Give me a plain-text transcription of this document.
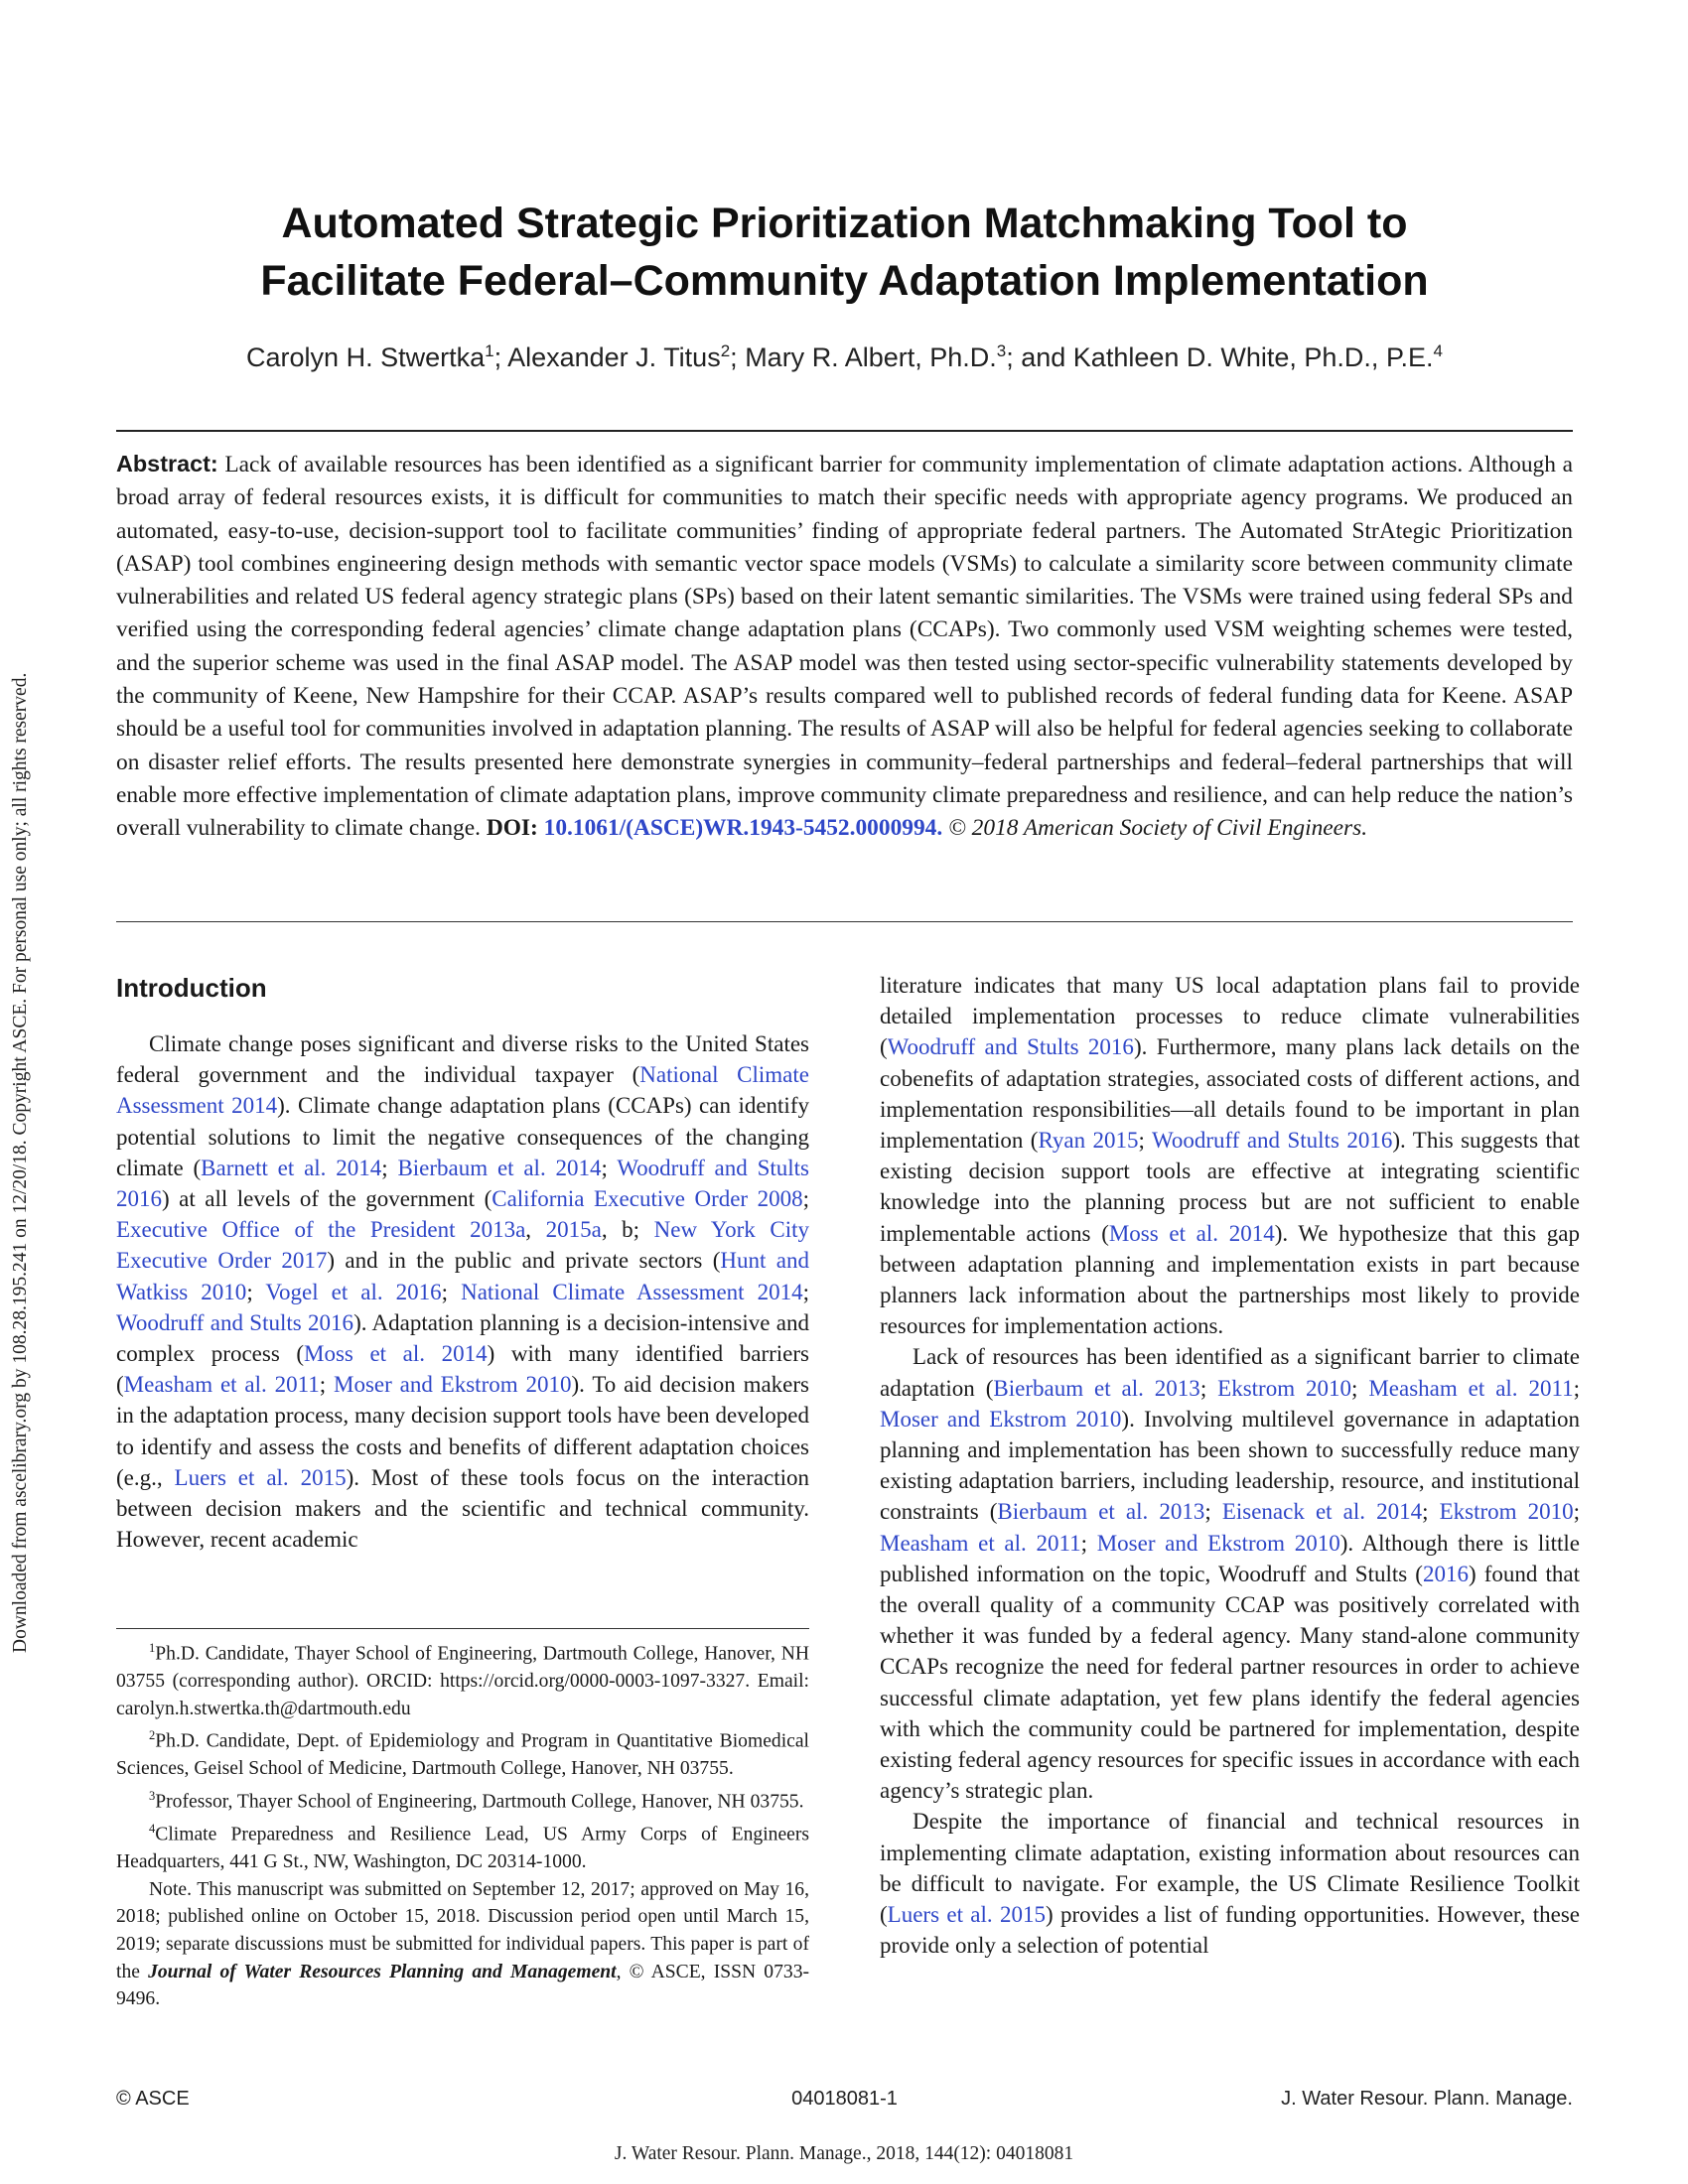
Downloaded from ascelibrary.org by 108.28.195.241 on 12/20/18. Copyright ASCE. For personal use only; all rights reserved.
Automated Strategic Prioritization Matchmaking Tool to
Facilitate Federal–Community Adaptation Implementation
Carolyn H. Stwertka$^1$; Alexander J. Titus$^2$; Mary R. Albert, Ph.D.$^3$; and Kathleen D. White, Ph.D., P.E.$^4$

Abstract: Lack of available resources has been identified as a significant barrier for community implementation of climate adaptation actions. Although a broad array of federal resources exists, it is difficult for communities to match their specific needs with appropriate agency programs. We produced an automated, easy-to-use, decision-support tool to facilitate communities’ finding of appropriate federal partners. The Automated StrAtegic Prioritization (ASAP) tool combines engineering design methods with semantic vector space models (VSMs) to calculate a similarity score between community climate vulnerabilities and related US federal agency strategic plans (SPs) based on their latent semantic similarities. The VSMs were trained using federal SPs and verified using the corresponding federal agencies’ climate change adaptation plans (CCAPs). Two commonly used VSM weighting schemes were tested, and the superior scheme was used in the final ASAP model. The ASAP model was then tested using sector-specific vulnerability statements developed by the community of Keene, New Hampshire for their CCAP. ASAP’s results compared well to published records of federal funding data for Keene. ASAP should be a useful tool for communities involved in adaptation planning. The results of ASAP will also be helpful for federal agencies seeking to collaborate on disaster relief efforts. The results presented here demonstrate synergies in community–federal partnerships and federal–federal partnerships that will enable more effective implementation of climate adaptation plans, improve community climate preparedness and resilience, and can help reduce the nation’s overall vulnerability to climate change. DOI: 10.1061/(ASCE)WR.1943-5452.0000994. © 2018 American Society of Civil Engineers.

Introduction

Climate change poses significant and diverse risks to the United States federal government and the individual taxpayer (National Climate Assessment 2014). Climate change adaptation plans (CCAPs) can identify potential solutions to limit the negative consequences of the changing climate (Barnett et al. 2014; Bierbaum et al. 2014; Woodruff and Stults 2016) at all levels of the government (California Executive Order 2008; Executive Office of the President 2013a, 2015a, b; New York City Executive Order 2017) and in the public and private sectors (Hunt and Watkiss 2010; Vogel et al. 2016; National Climate Assessment 2014; Woodruff and Stults 2016). Adaptation planning is a decision-intensive and complex process (Moss et al. 2014) with many identified barriers (Measham et al. 2011; Moser and Ekstrom 2010). To aid decision makers in the adaptation process, many decision support tools have been developed to identify and assess the costs and benefits of different adaptation choices (e.g., Luers et al. 2015). Most of these tools focus on the interaction between decision makers and the scientific and technical community. However, recent academic

$^1$Ph.D. Candidate, Thayer School of Engineering, Dartmouth College, Hanover, NH 03755 (corresponding author). ORCID: https://orcid.org/0000-0003-1097-3327. Email: carolyn.h.stwertka.th@dartmouth.edu

$^2$Ph.D. Candidate, Dept. of Epidemiology and Program in Quantitative Biomedical Sciences, Geisel School of Medicine, Dartmouth College, Hanover, NH 03755.

$^3$Professor, Thayer School of Engineering, Dartmouth College, Hanover, NH 03755.

$^4$Climate Preparedness and Resilience Lead, US Army Corps of Engineers Headquarters, 441 G St., NW, Washington, DC 20314-1000.

Note. This manuscript was submitted on September 12, 2017; approved on May 16, 2018; published online on October 15, 2018. Discussion period open until March 15, 2019; separate discussions must be submitted for individual papers. This paper is part of the Journal of Water Resources Planning and Management, © ASCE, ISSN 0733-9496.

literature indicates that many US local adaptation plans fail to provide detailed implementation processes to reduce climate vulnerabilities (Woodruff and Stults 2016). Furthermore, many plans lack details on the cobenefits of adaptation strategies, associated costs of different actions, and implementation responsibilities—all details found to be important in plan implementation (Ryan 2015; Woodruff and Stults 2016). This suggests that existing decision support tools are effective at integrating scientific knowledge into the planning process but are not sufficient to enable implementable actions (Moss et al. 2014). We hypothesize that this gap between adaptation planning and implementation exists in part because planners lack information about the partnerships most likely to provide resources for implementation actions.

Lack of resources has been identified as a significant barrier to climate adaptation (Bierbaum et al. 2013; Ekstrom 2010; Measham et al. 2011; Moser and Ekstrom 2010). Involving multilevel governance in adaptation planning and implementation has been shown to successfully reduce many existing adaptation barriers, including leadership, resource, and institutional constraints (Bierbaum et al. 2013; Eisenack et al. 2014; Ekstrom 2010; Measham et al. 2011; Moser and Ekstrom 2010). Although there is little published information on the topic, Woodruff and Stults (2016) found that the overall quality of a community CCAP was positively correlated with whether it was funded by a federal agency. Many stand-alone community CCAPs recognize the need for federal partner resources in order to achieve successful climate adaptation, yet few plans identify the federal agencies with which the community could be partnered for implementation, despite existing federal agency resources for specific issues in accordance with each agency’s strategic plan.

Despite the importance of financial and technical resources in implementing climate adaptation, existing information about resources can be difficult to navigate. For example, the US Climate Resilience Toolkit (Luers et al. 2015) provides a list of funding opportunities. However, these provide only a selection of potential

04018081-1
© ASCE	J. Water Resour. Plann. Manage.
J. Water Resour. Plann. Manage., 2018, 144(12): 04018081
